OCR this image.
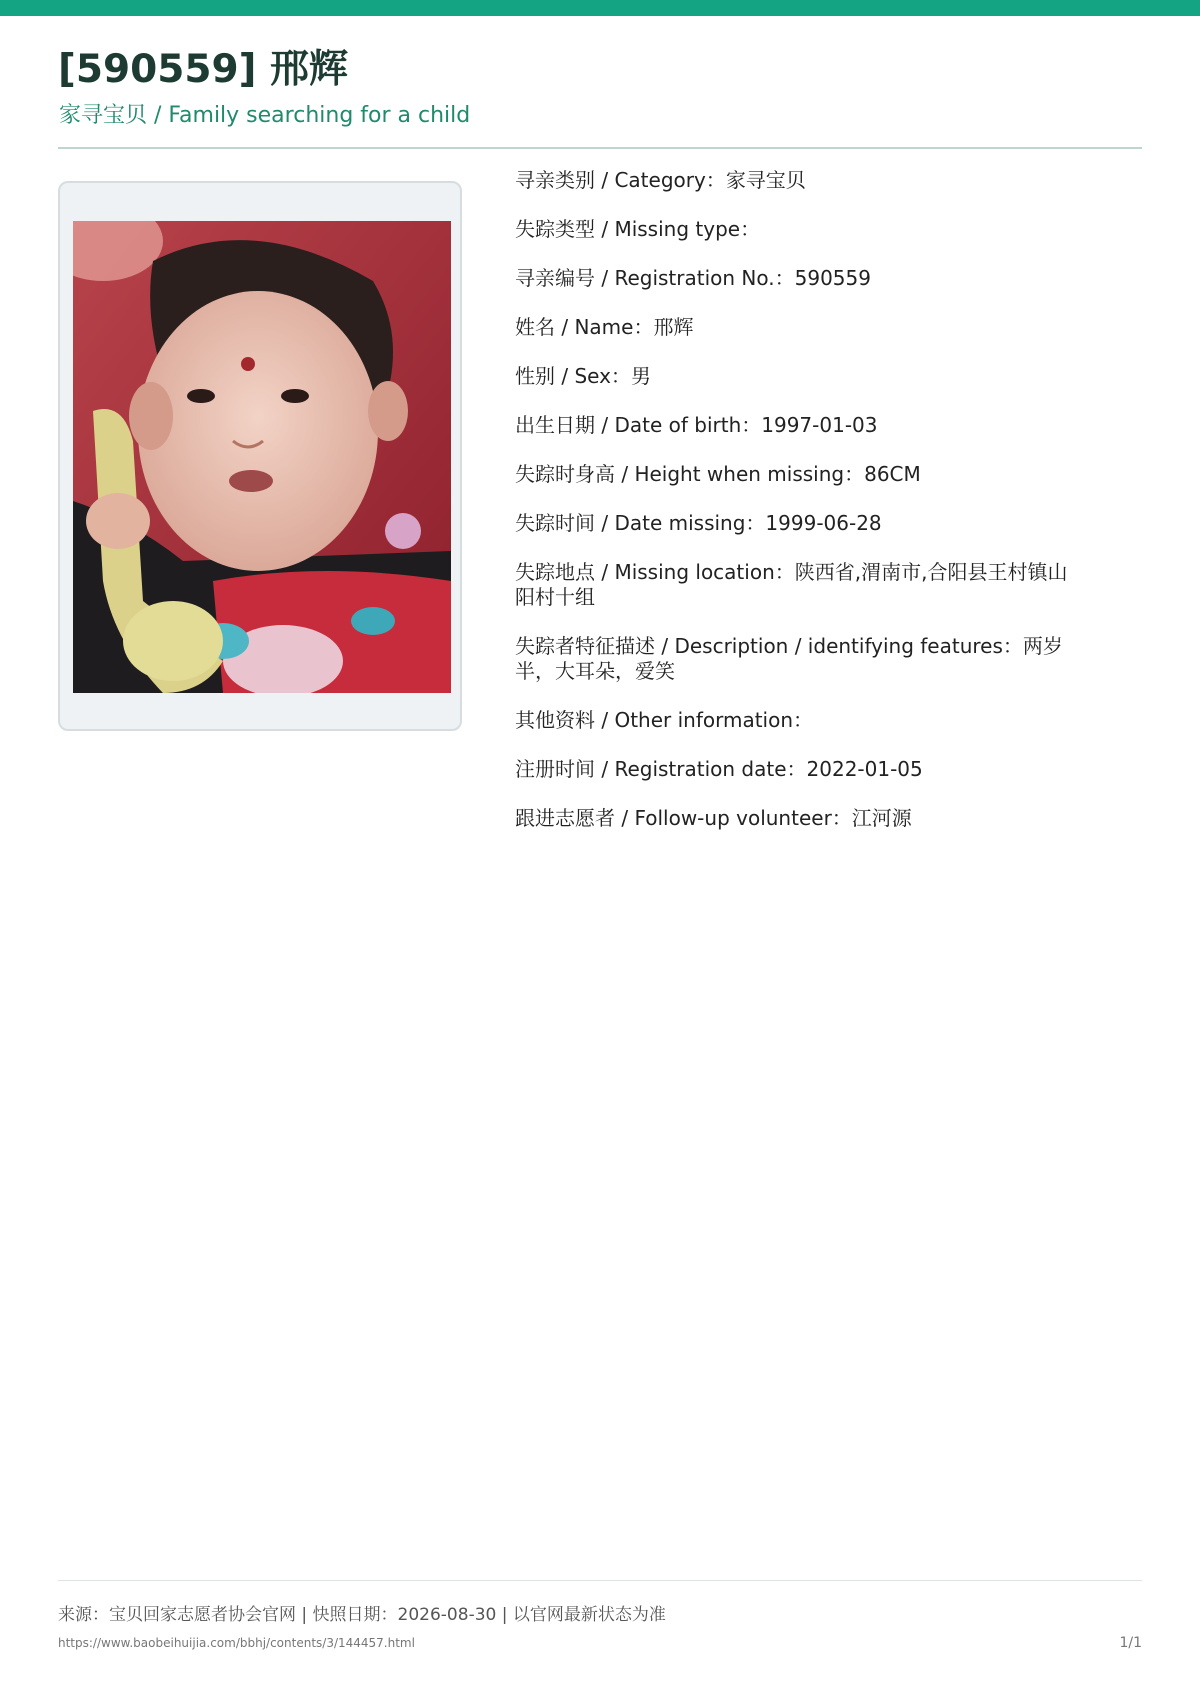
[590559] 邢辉
家寻宝贝 / Family searching for a child
寻亲类别 / Category：家寻宝贝
失踪类型 / Missing type：
寻亲编号 / Registration No.：590559
姓名 / Name：邢辉
性别 / Sex：男
出生日期 / Date of birth：1997-01-03
失踪时身高 / Height when missing：86CM
失踪时间 / Date missing：1999-06-28
失踪地点 / Missing location：陕西省,渭南市,合阳县王村镇山阳村十组
失踪者特征描述 / Description / identifying features：两岁半，大耳朵，爱笑
其他资料 / Other information：
注册时间 / Registration date：2022-01-05
跟进志愿者 / Follow-up volunteer：江河源
来源：宝贝回家志愿者协会官网 | 快照日期：2026-08-30 | 以官网最新状态为准
https://www.baobeihuijia.com/bbhj/contents/3/144457.html	1/1
